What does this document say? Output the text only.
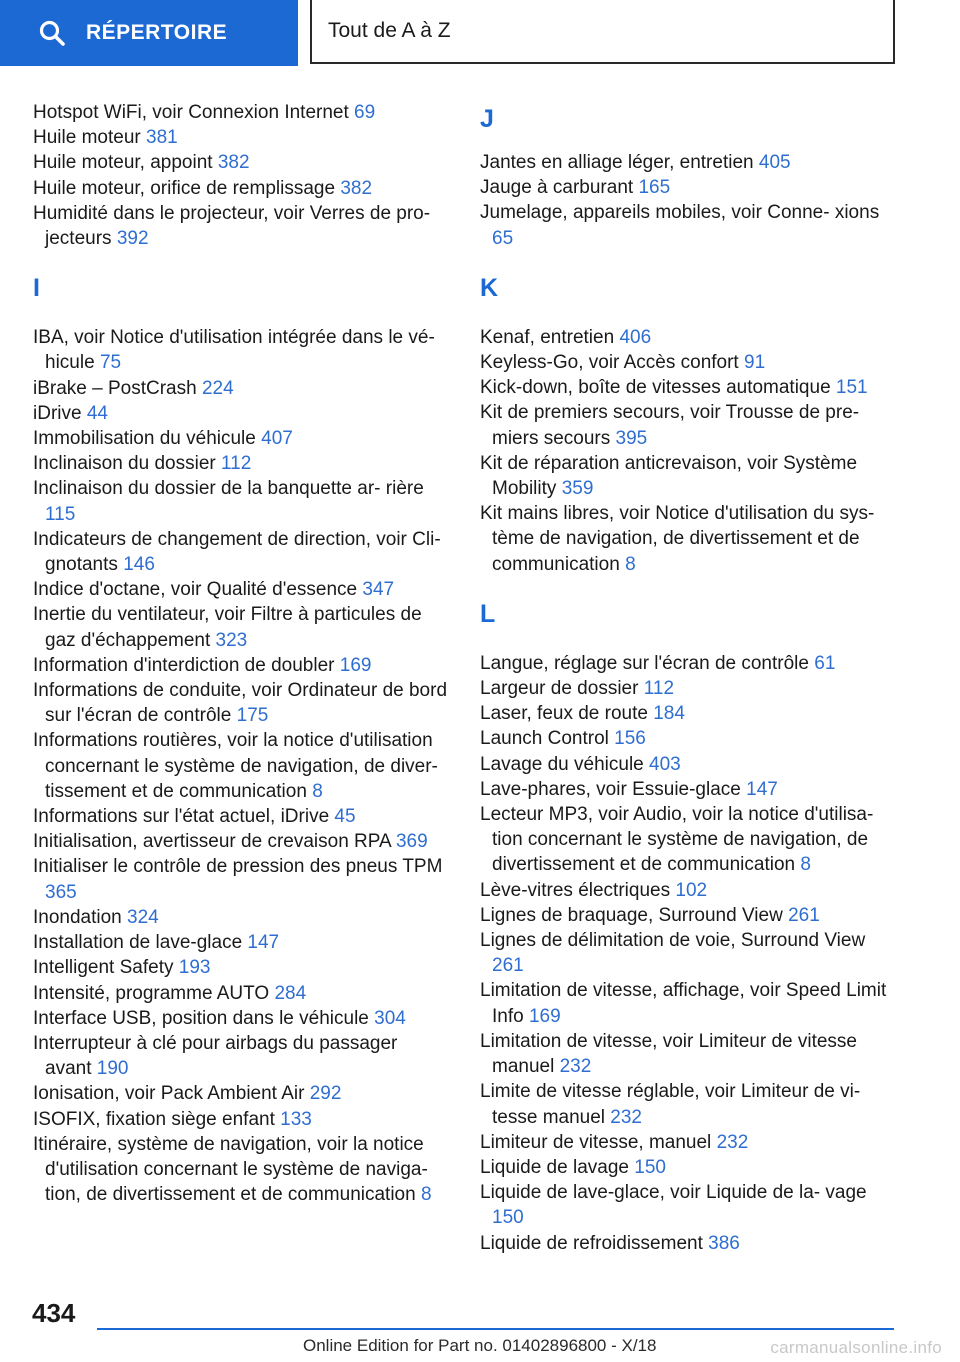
RÉPERTOIRE	Tout de A à Z

Hotspot WiFi, voir Connexion Internet 69

Huile moteur 381

Huile moteur, appoint 382

Huile moteur, orifice de remplissage 382

Humidité dans le projecteur, voir Verres de pro‐ jecteurs 392

I

IBA, voir Notice d'utilisation intégrée dans le vé‐ hicule 75

iBrake – PostCrash 224

iDrive 44

Immobilisation du véhicule 407

Inclinaison du dossier 112

Inclinaison du dossier de la banquette ar‐ rière 115

Indicateurs de changement de direction, voir Cli‐ gnotants 146

Indice d'octane, voir Qualité d'essence 347

Inertie du ventilateur, voir Filtre à particules de gaz d'échappement 323

Information d'interdiction de doubler 169

Informations de conduite, voir Ordinateur de bord sur l'écran de contrôle 175

Informations routières, voir la notice d'utilisation concernant le système de navigation, de diver‐ tissement et de communication 8

Informations sur l'état actuel, iDrive 45

Initialisation, avertisseur de crevaison RPA 369

Initialiser le contrôle de pression des pneus TPM 365

Inondation 324

Installation de lave-glace 147

Intelligent Safety 193

Intensité, programme AUTO 284

Interface USB, position dans le véhicule 304

Interrupteur à clé pour airbags du passager avant 190

Ionisation, voir Pack Ambient Air 292

ISOFIX, fixation siège enfant 133

Itinéraire, système de navigation, voir la notice d'utilisation concernant le système de naviga‐ tion, de divertissement et de communication 8

J

Jantes en alliage léger, entretien 405

Jauge à carburant 165

Jumelage, appareils mobiles, voir Conne‐ xions 65

K

Kenaf, entretien 406

Keyless-Go, voir Accès confort 91

Kick-down, boîte de vitesses automatique 151

Kit de premiers secours, voir Trousse de pre‐ miers secours 395

Kit de réparation anticrevaison, voir Système Mobility 359

Kit mains libres, voir Notice d'utilisation du sys‐ tème de navigation, de divertissement et de communication 8

L

Langue, réglage sur l'écran de contrôle 61

Largeur de dossier 112

Laser, feux de route 184

Launch Control 156

Lavage du véhicule 403

Lave-phares, voir Essuie-glace 147

Lecteur MP3, voir Audio, voir la notice d'utilisa‐ tion concernant le système de navigation, de divertissement et de communication 8

Lève-vitres électriques 102

Lignes de braquage, Surround View 261

Lignes de délimitation de voie, Surround View 261

Limitation de vitesse, affichage, voir Speed Limit Info 169

Limitation de vitesse, voir Limiteur de vitesse manuel 232

Limite de vitesse réglable, voir Limiteur de vi‐ tesse manuel 232

Limiteur de vitesse, manuel 232

Liquide de lavage 150

Liquide de lave-glace, voir Liquide de la‐ vage 150

Liquide de refroidissement 386

434
Online Edition for Part no. 01402896800 - X/18	carmanualsonline.info
